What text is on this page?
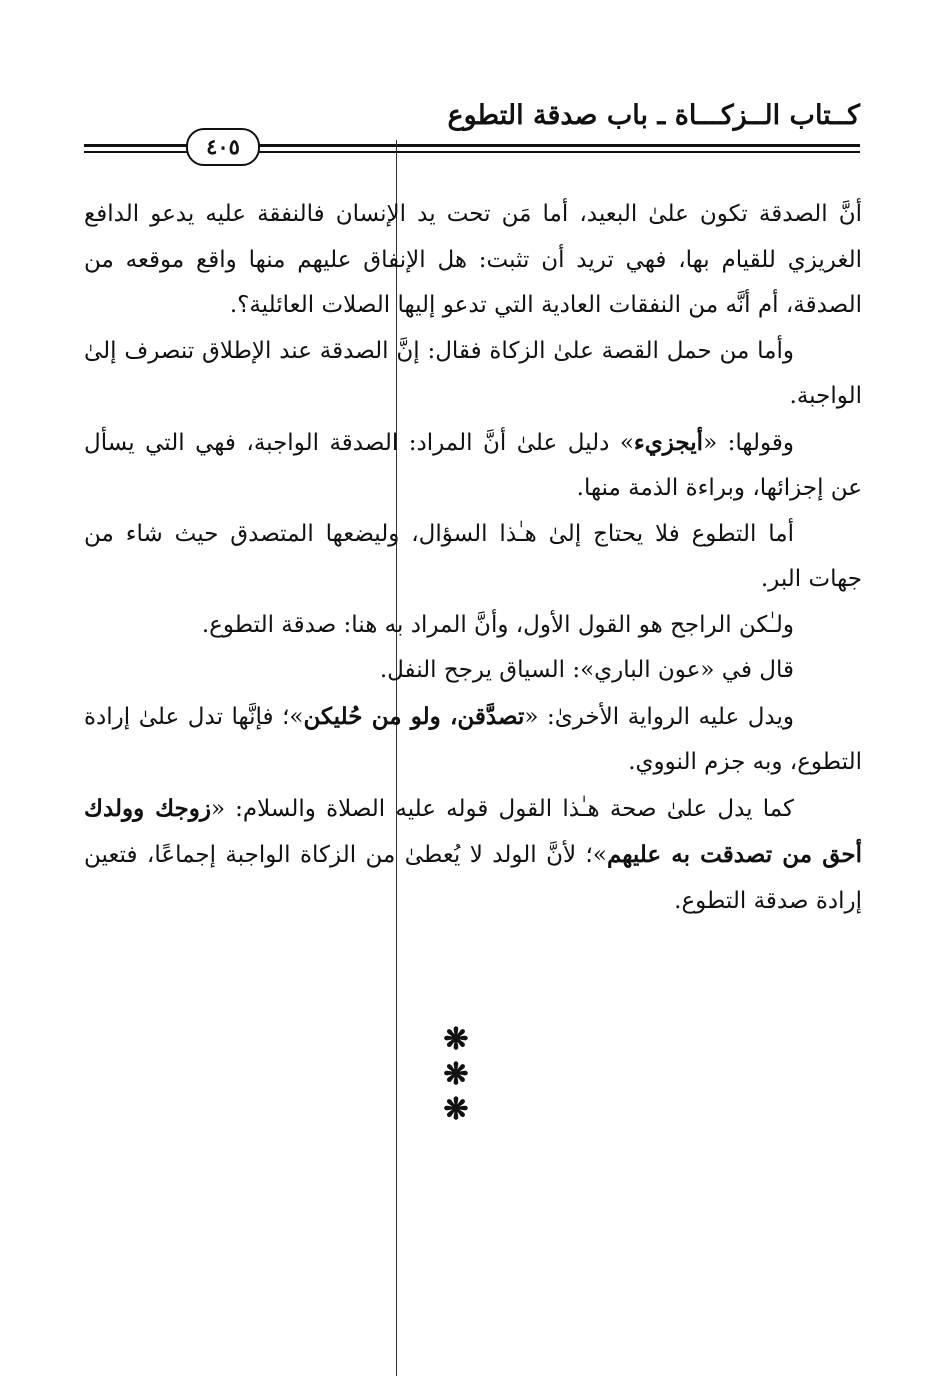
كــتاب الــزكـــاة ـ باب صدقة التطوع
٤٠٥

أنَّ الصدقة تكون علىٰ البعيد، أما مَن تحت يد الإنسان فالنفقة عليه يدعو الدافع الغريزي للقيام بها، فهي تريد أن تثبت: هل الإنفاق عليهم منها واقع موقعه من الصدقة، أم أنَّه من النفقات العادية التي تدعو إليها الصلات العائلية؟.

وأما من حمل القصة علىٰ الزكاة فقال: إنَّ الصدقة عند الإطلاق تنصرف إلىٰ الواجبة.

وقولها: «أيجزيء» دليل علىٰ أنَّ المراد: الصدقة الواجبة، فهي التي يسأل عن إجزائها، وبراءة الذمة منها.

أما التطوع فلا يحتاج إلىٰ هـٰذا السؤال، وليضعها المتصدق حيث شاء من جهات البر.

ولـٰكن الراجح هو القول الأول، وأنَّ المراد به هنا: صدقة التطوع.

قال في «عون الباري»: السياق يرجح النفل.

ويدل عليه الرواية الأخرىٰ: «تصدَّقن، ولو من حُليكن»؛ فإنَّها تدل علىٰ إرادة التطوع، وبه جزم النووي.

كما يدل علىٰ صحة هـٰذا القول قوله عليه الصلاة والسلام: «زوجك وولدك أحق من تصدقت به عليهم»؛ لأنَّ الولد لا يُعطىٰ من الزكاة الواجبة إجماعًا، فتعين إرادة صدقة التطوع.

❋ ❋ ❋
